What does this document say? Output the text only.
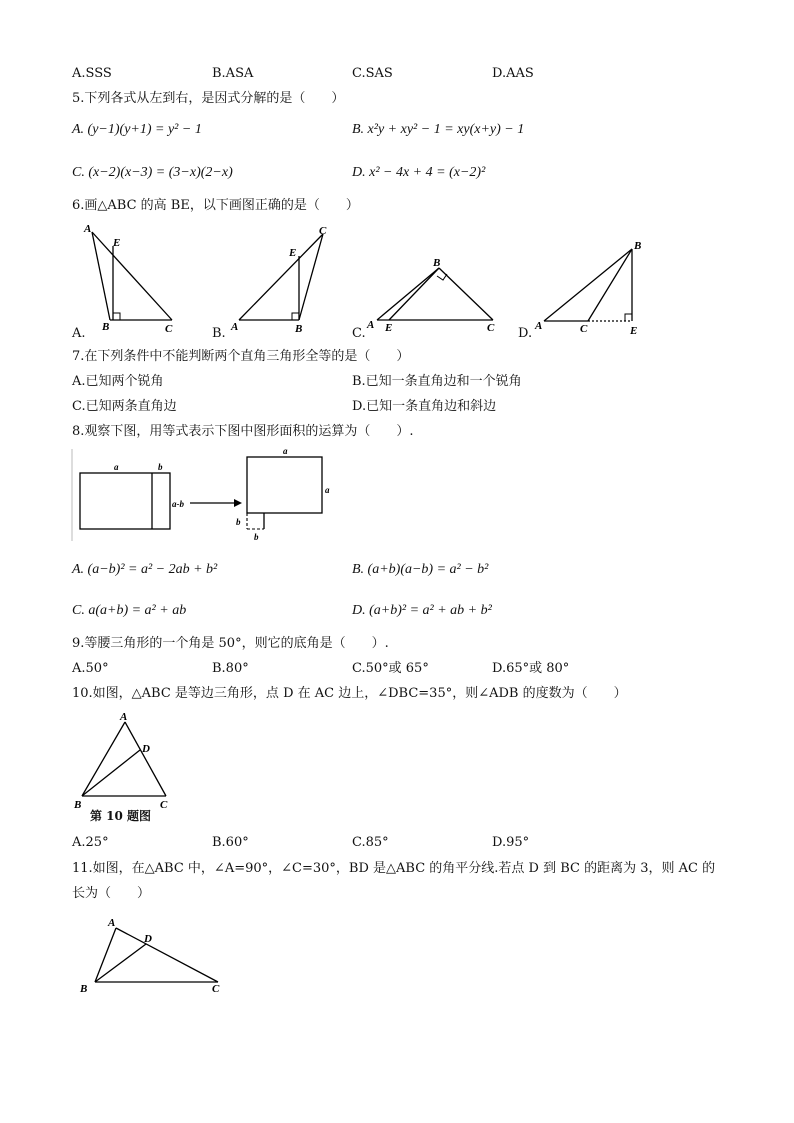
A.SSS	B.ASA	C.SAS	D.AAS
5.下列各式从左到右，是因式分解的是（　　）
A. (y−1)(y+1) = y² − 1	B. x²y + xy² − 1 = xy(x+y) − 1
C. (x−2)(x−3) = (3−x)(2−x)	D. x² − 4x + 4 = (x−2)²
6.画△ABC 的高 BE，以下画图正确的是（　　）
A
E
B	C
A.	A
E
B
C
B.
A E
B
C
C.	A	C
B
E
D.
7.在下列条件中不能判断两个直角三角形全等的是（　　）
A.已知两个锐角	B.已知一条直角边和一个锐角
C.已知两条直角边	D.已知一条直角边和斜边
8.观察下图，用等式表示下图中图形面积的运算为（　　）.
a	b
a-b
a
a
b
b
A. (a−b)² = a² − 2ab + b²	B. (a+b)(a−b) = a² − b²
C. a(a+b) = a² + ab	D. (a+b)² = a² + ab + b²
9.等腰三角形的一个角是 50°，则它的底角是（　　）.
A.50°	B.80°	C.50°或 65°	D.65°或 80°
10.如图，△ABC 是等边三角形，点 D 在 AC 边上，∠DBC=35°，则∠ADB 的度数为（　　）
A
D
B	C
第 10 题图
A.25°	B.60°	C.85°	D.95°
11.如图，在△ABC 中，∠A=90°，∠C=30°，BD 是△ABC 的角平分线.若点 D 到 BC 的距离为 3，则 AC 的
长为（　　）
A
D
B	C
